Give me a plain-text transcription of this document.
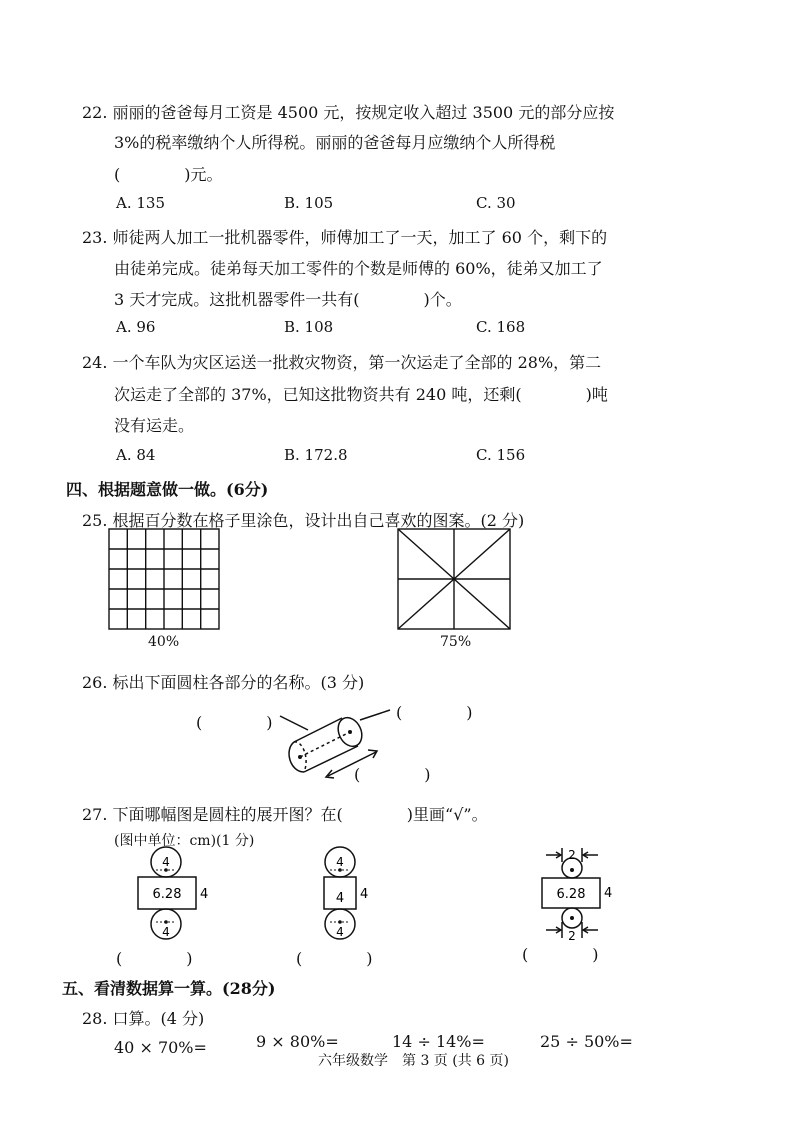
22. 丽丽的爸爸每月工资是 4500 元，按规定收入超过 3500 元的部分应按
3%的税率缴纳个人所得税。丽丽的爸爸每月应缴纳个人所得税
(　　　　)元。
A. 135	B. 105	C. 30
23. 师徒两人加工一批机器零件，师傅加工了一天，加工了 60 个，剩下的
由徒弟完成。徒弟每天加工零件的个数是师傅的 60%，徒弟又加工了
3 天才完成。这批机器零件一共有(　　　　)个。
A. 96	B. 108	C. 168
24. 一个车队为灾区运送一批救灾物资，第一次运走了全部的 28%，第二
次运走了全部的 37%，已知这批物资共有 240 吨，还剩(　　　　)吨
没有运走。
A. 84	B. 172.8	C. 156
四、根据题意做一做。(6分)
25. 根据百分数在格子里涂色，设计出自己喜欢的图案。(2 分)
40%	75%
26. 标出下面圆柱各部分的名称。(3 分)
(　　　　)
(　　　　)
(　　　　)
27. 下面哪幅图是圆柱的展开图？在(　　　　)里画“√”。
(图中单位：cm)(1 分)
4
6.28 4
4
4
4 4
4
2
6.28 4
2
(　　　　)	(　　　　)	(　　　　)
五、看清数据算一算。(28分)
28. 口算。(4 分)
40 × 70%=	9 × 80%=	14 ÷ 14%=	25 ÷ 50%=
六年级数学　第 3 页 (共 6 页)
